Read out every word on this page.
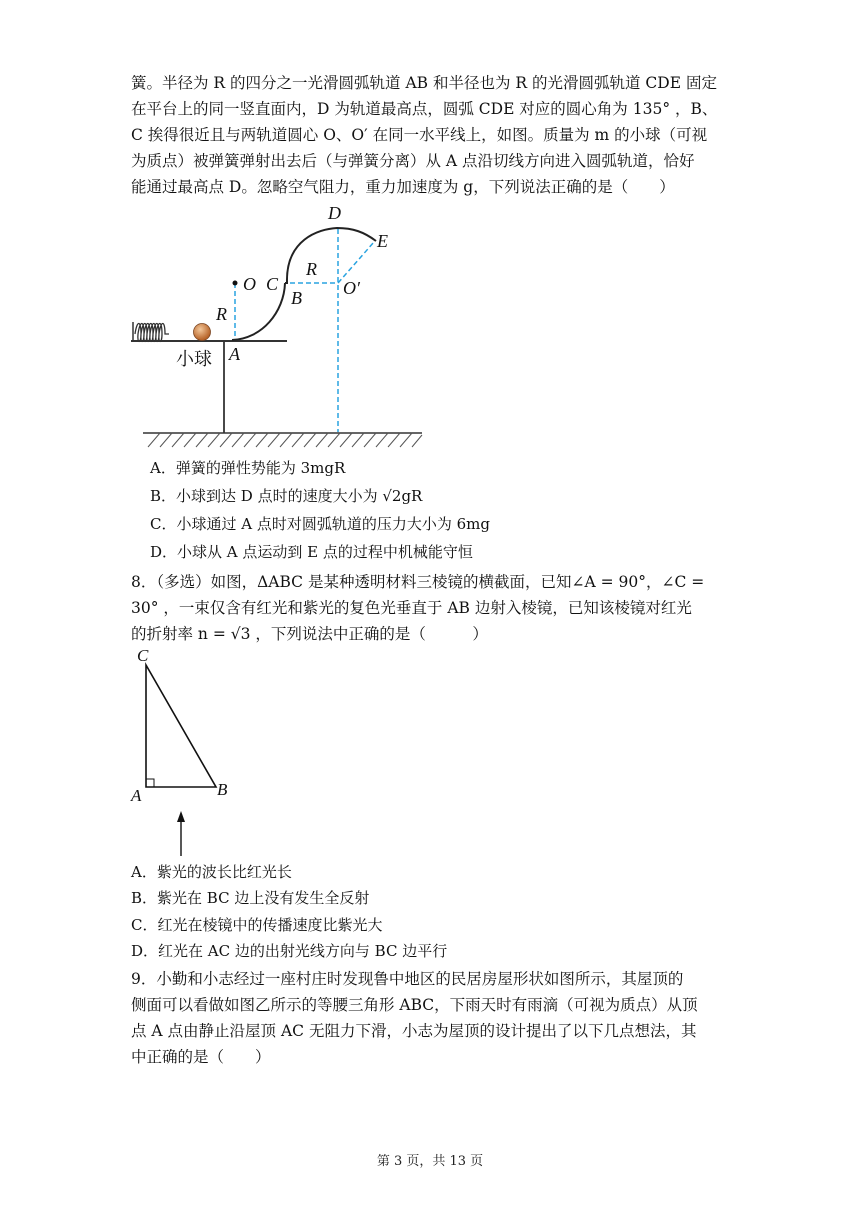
簧。半径为 R 的四分之一光滑圆弧轨道 AB 和半径也为 R 的光滑圆弧轨道 CDE 固定
在平台上的同一竖直面内，D 为轨道最高点，圆弧 CDE 对应的圆心角为 135° ，B、
C 挨得很近且与两轨道圆心 O、O′ 在同一水平线上，如图。质量为 m 的小球（可视
为质点）被弹簧弹射出去后（与弹簧分离）从 A 点沿切线方向进入圆弧轨道，恰好
能通过最高点 D。忽略空气阻力，重力加速度为 g，下列说法正确的是（　　）
D
E
O C
R
O′
B
R
A
小球
A．弹簧的弹性势能为 3mgR
B．小球到达 D 点时的速度大小为 √2gR
C．小球通过 A 点时对圆弧轨道的压力大小为 6mg
D．小球从 A 点运动到 E 点的过程中机械能守恒
8．（多选）如图，ΔABC 是某种透明材料三棱镜的横截面，已知∠A = 90°，∠C =
30° ，一束仅含有红光和紫光的复色光垂直于 AB 边射入棱镜，已知该棱镜对红光
的折射率 n = √3 ，下列说法中正确的是（　　　）
C
A	B
A．紫光的波长比红光长
B．紫光在 BC 边上没有发生全反射
C．红光在棱镜中的传播速度比紫光大
D．红光在 AC 边的出射光线方向与 BC 边平行
9．小勤和小志经过一座村庄时发现鲁中地区的民居房屋形状如图所示，其屋顶的
侧面可以看做如图乙所示的等腰三角形 ABC，下雨天时有雨滴（可视为质点）从顶
点 A 点由静止沿屋顶 AC 无阻力下滑，小志为屋顶的设计提出了以下几点想法，其
中正确的是（　　）
第 3 页，共 13 页
